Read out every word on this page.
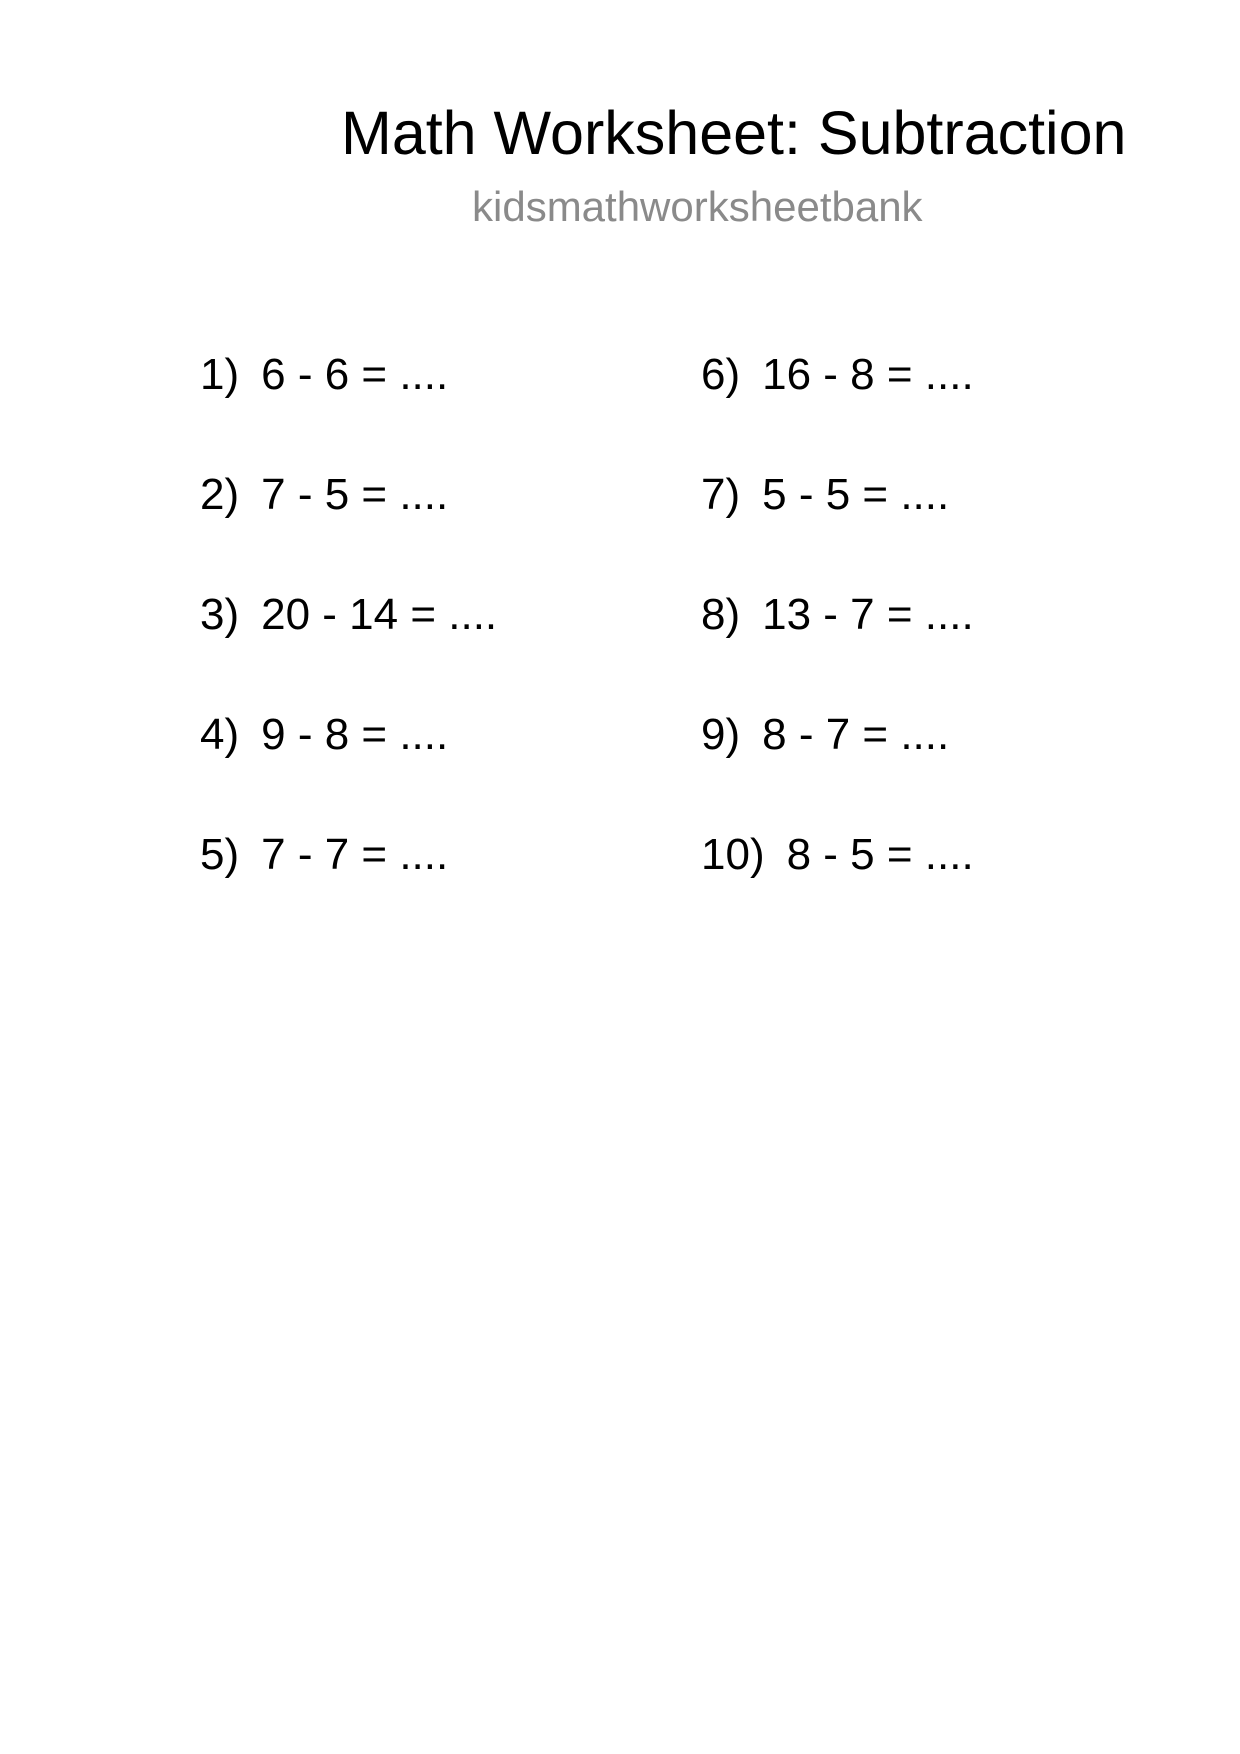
Math Worksheet: Subtraction
kidsmathworksheetbank
1) 6 - 6 = ....
2) 7 - 5 = ....
3) 20 - 14 = ....
4) 9 - 8 = ....
5) 7 - 7 = ....
6) 16 - 8 = ....
7) 5 - 5 = ....
8) 13 - 7 = ....
9) 8 - 7 = ....
10) 8 - 5 = ....
